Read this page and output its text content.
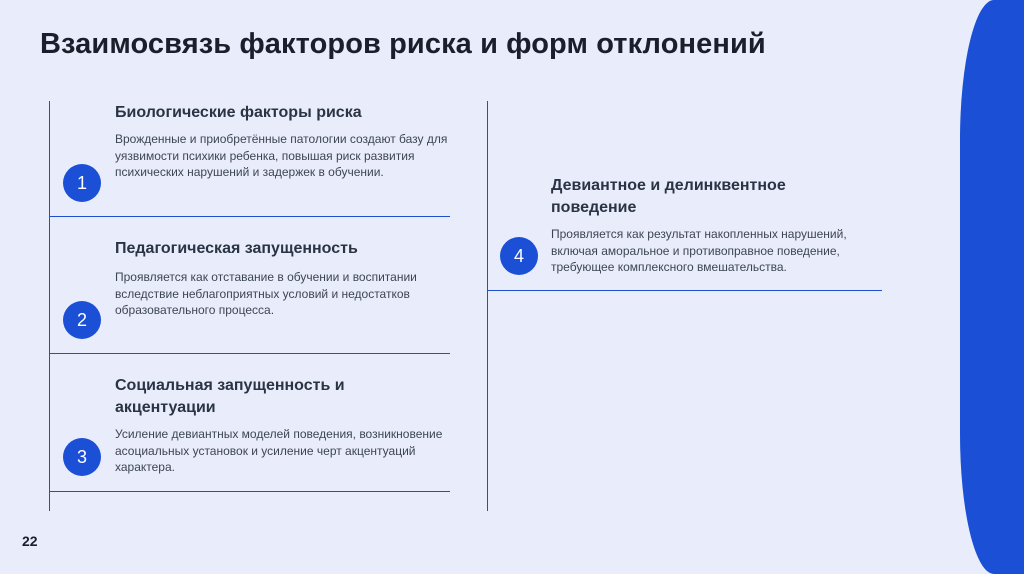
Взаимосвязь факторов риска и форм отклонений
1
Биологические факторы риска

Врожденные и приобретённые патологии создают базу для уязвимости психики ребенка, повышая риск развития психических нарушений и задержек в обучении.

2
Педагогическая запущенность

Проявляется как отставание в обучении и воспитании вследствие неблагоприятных условий и недостатков образовательного процесса.

3
Социальная запущенность и акцентуации

Усиление девиантных моделей поведения, возникновение асоциальных установок и усиление черт акцентуаций характера.

4
Девиантное и делинквентное поведение

Проявляется как результат накопленных нарушений, включая аморальное и противоправное поведение, требующее комплексного вмешательства.

22
